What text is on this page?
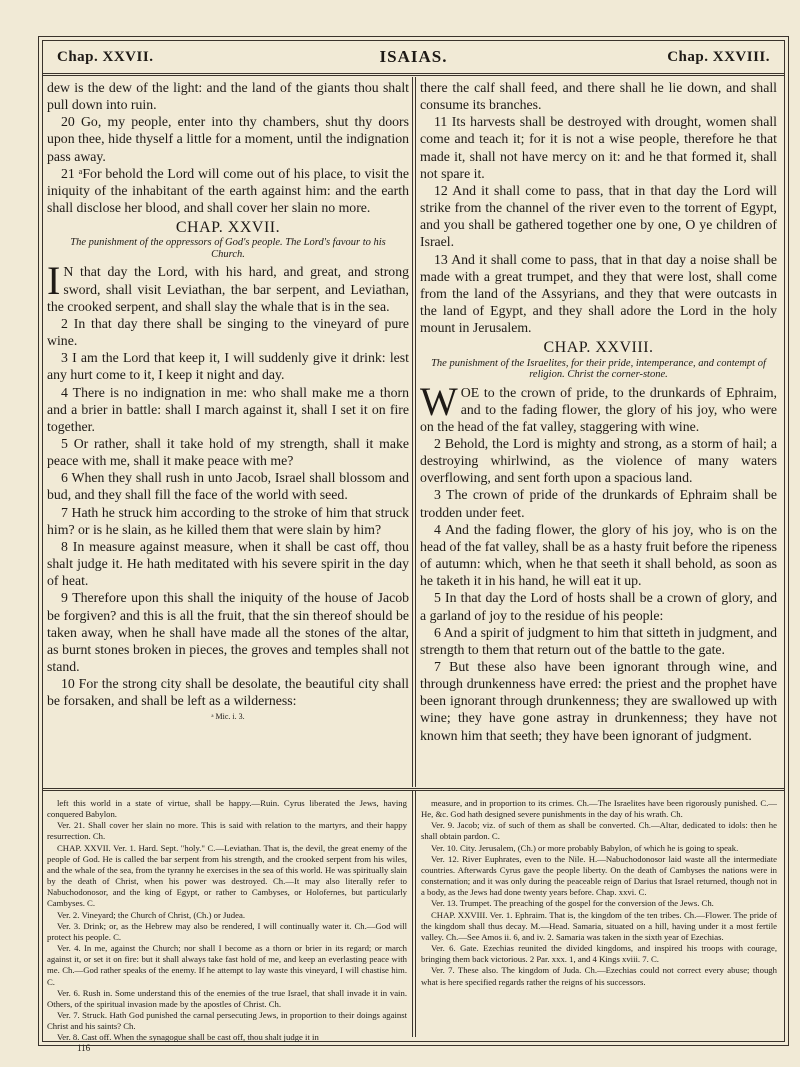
ISAIAS.
Chap. XXVII.	Chap. XXVIII.

dew is the dew of the light: and the land of the giants thou shalt pull down into ruin.

20 Go, my people, enter into thy chambers, shut thy doors upon thee, hide thyself a little for a moment, until the indignation pass away.

21 ᵃFor behold the Lord will come out of his place, to visit the iniquity of the inhabitant of the earth against him: and the earth shall disclose her blood, and shall cover her slain no more.

CHAP. XXVII.
The punishment of the oppressors of God's people. The Lord's favour to his Church.

I N that day the Lord, with his hard, and great, and strong sword, shall visit Leviathan, the bar serpent, and Leviathan, the crooked serpent, and shall slay the whale that is in the sea.

2 In that day there shall be singing to the vineyard of pure wine.

3 I am the Lord that keep it, I will suddenly give it drink: lest any hurt come to it, I keep it night and day.

4 There is no indignation in me: who shall make me a thorn and a brier in battle: shall I march against it, shall I set it on fire together.

5 Or rather, shall it take hold of my strength, shall it make peace with me, shall it make peace with me?

6 When they shall rush in unto Jacob, Israel shall blossom and bud, and they shall fill the face of the world with seed.

7 Hath he struck him according to the stroke of him that struck him? or is he slain, as he killed them that were slain by him?

8 In measure against measure, when it shall be cast off, thou shalt judge it. He hath meditated with his severe spirit in the day of heat.

9 Therefore upon this shall the iniquity of the house of Jacob be forgiven? and this is all the fruit, that the sin thereof should be taken away, when he shall have made all the stones of the altar, as burnt stones broken in pieces, the groves and temples shall not stand.

10 For the strong city shall be desolate, the beautiful city shall be forsaken, and shall be left as a wilderness:

ᵃ Mic. i. 3.

there the calf shall feed, and there shall he lie down, and shall consume its branches.

11 Its harvests shall be destroyed with drought, women shall come and teach it; for it is not a wise people, therefore he that made it, shall not have mercy on it: and he that formed it, shall not spare it.

12 And it shall come to pass, that in that day the Lord will strike from the channel of the river even to the torrent of Egypt, and you shall be gathered together one by one, O ye children of Israel.

13 And it shall come to pass, that in that day a noise shall be made with a great trumpet, and they that were lost, shall come from the land of the Assyrians, and they that were outcasts in the land of Egypt, and they shall adore the Lord in the holy mount in Jerusalem.

CHAP. XXVIII.
The punishment of the Israelites, for their pride, intemperance, and contempt of religion. Christ the corner-stone.

WOE to the crown of pride, to the drunkards of Ephraim, and to the fading flower, the glory of his joy, who were on the head of the fat valley, staggering with wine.

2 Behold, the Lord is mighty and strong, as a storm of hail; a destroying whirlwind, as the violence of many waters overflowing, and sent forth upon a spacious land.

3 The crown of pride of the drunkards of Ephraim shall be trodden under feet.

4 And the fading flower, the glory of his joy, who is on the head of the fat valley, shall be as a hasty fruit before the ripeness of autumn: which, when he that seeth it shall behold, as soon as he taketh it in his hand, he will eat it up.

5 In that day the Lord of hosts shall be a crown of glory, and a garland of joy to the residue of his people:

6 And a spirit of judgment to him that sitteth in judgment, and strength to them that return out of the battle to the gate.

7 But these also have been ignorant through wine, and through drunkenness have erred: the priest and the prophet have been ignorant through drunkenness; they are swallowed up with wine; they have gone astray in drunkenness; they have not known him that seeth; they have been ignorant of judgment.

left this world in a state of virtue, shall be happy.—Ruin. Cyrus liberated the Jews, having conquered Babylon.

Ver. 21. Shall cover her slain no more. This is said with relation to the martyrs, and their happy resurrection. Ch.

CHAP. XXVII. Ver. 1. Hard. Sept. "holy." C.—Leviathan. That is, the devil, the great enemy of the people of God. He is called the bar serpent from his strength, and the crooked serpent from his wiles, and the whale of the sea, from the tyranny he exercises in the sea of this world. He was spiritually slain by the death of Christ, when his power was destroyed. Ch.—It may also literally refer to Nabuchodonosor, and the king of Egypt, or rather to Cambyses, or Holofernes, but particularly Cambyses. C.

Ver. 2. Vineyard; the Church of Christ, (Ch.) or Judea.

Ver. 3. Drink; or, as the Hebrew may also be rendered, I will continually water it. Ch.—God will protect his people. C.

Ver. 4. In me, against the Church; nor shall I become as a thorn or brier in its regard; or march against it, or set it on fire: but it shall always take fast hold of me, and keep an everlasting peace with me. Ch.—God rather speaks of the enemy. If he attempt to lay waste this vineyard, I will chastise him. C.

Ver. 6. Rush in. Some understand this of the enemies of the true Israel, that shall invade it in vain. Others, of the spiritual invasion made by the apostles of Christ. Ch.

Ver. 7. Struck. Hath God punished the carnal persecuting Jews, in proportion to their doings against Christ and his saints? Ch.

Ver. 8. Cast off. When the synagogue shall be cast off, thou shalt judge it in

116

measure, and in proportion to its crimes. Ch.—The Israelites have been rigorously punished. C.—He, &c. God hath designed severe punishments in the day of his wrath. Ch.

Ver. 9. Jacob; viz. of such of them as shall be converted. Ch.—Altar, dedicated to idols: then he shall obtain pardon. C.

Ver. 10. City. Jerusalem, (Ch.) or more probably Babylon, of which he is going to speak.

Ver. 12. River Euphrates, even to the Nile. H.—Nabuchodonosor laid waste all the intermediate countries. Afterwards Cyrus gave the people liberty. On the death of Cambyses the nations were in consternation; and it was only during the peaceable reign of Darius that Israel returned, though not in a body, as the Jews had done twenty years before. Chap. xxvi. C.

Ver. 13. Trumpet. The preaching of the gospel for the conversion of the Jews. Ch.

CHAP. XXVIII. Ver. 1. Ephraim. That is, the kingdom of the ten tribes. Ch.—Flower. The pride of the kingdom shall thus decay. M.—Head. Samaria, situated on a hill, having under it a most fertile valley. Ch.—See Amos ii. 6, and iv. 2. Samaria was taken in the sixth year of Ezechias.

Ver. 6. Gate. Ezechias reunited the divided kingdoms, and inspired his troops with courage, bringing them back victorious. 2 Par. xxx. 1, and 4 Kings xviii. 7. C.

Ver. 7. These also. The kingdom of Juda. Ch.—Ezechias could not correct every abuse; though what is here specified regards rather the reigns of his successors.
